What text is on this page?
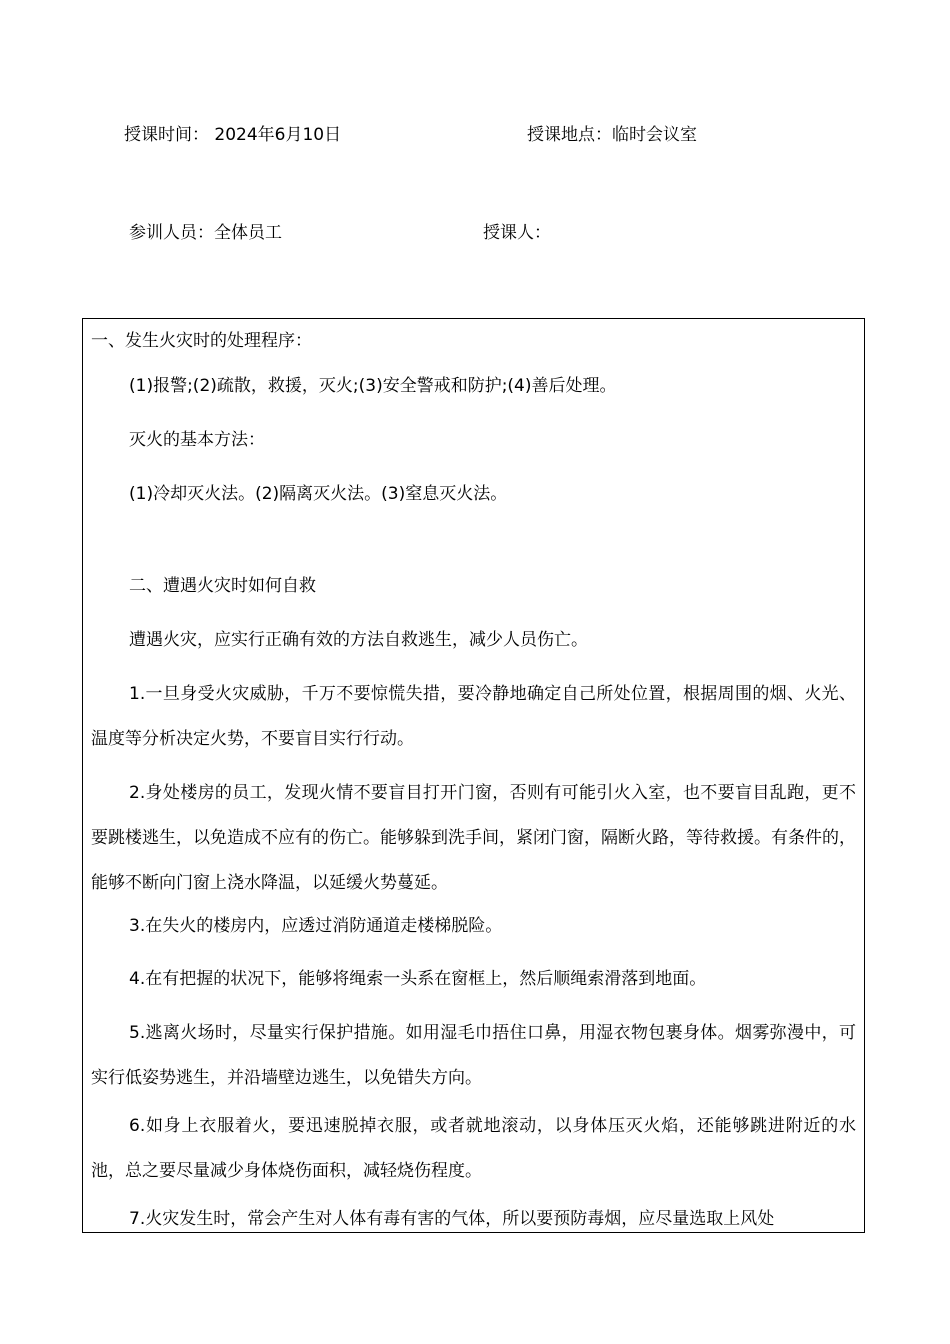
授课时间： 2024年6月10日	授课地点：临时会议室
参训人员：全体员工	授课人：
一、发生火灾时的处理程序：
(1)报警;(2)疏散，救援，灭火;(3)安全警戒和防护;(4)善后处理。
灭火的基本方法：
(1)冷却灭火法。(2)隔离灭火法。(3)窒息灭火法。
二、遭遇火灾时如何自救
遭遇火灾，应实行正确有效的方法自救逃生，减少人员伤亡。
1.一旦身受火灾威胁，千万不要惊慌失措，要冷静地确定自己所处位置，根据周围的烟、火光、温度等分析决定火势，不要盲目实行行动。
2.身处楼房的员工，发现火情不要盲目打开门窗，否则有可能引火入室，也不要盲目乱跑，更不要跳楼逃生，以免造成不应有的伤亡。能够躲到洗手间，紧闭门窗，隔断火路，等待救援。有条件的，能够不断向门窗上浇水降温，以延缓火势蔓延。
3.在失火的楼房内，应透过消防通道走楼梯脱险。
4.在有把握的状况下，能够将绳索一头系在窗框上，然后顺绳索滑落到地面。
5.逃离火场时，尽量实行保护措施。如用湿毛巾捂住口鼻，用湿衣物包裹身体。烟雾弥漫中，可实行低姿势逃生，并沿墙壁边逃生，以免错失方向。
6.如身上衣服着火，要迅速脱掉衣服，或者就地滚动，以身体压灭火焰，还能够跳进附近的水池，总之要尽量减少身体烧伤面积，减轻烧伤程度。
7.火灾发生时，常会产生对人体有毒有害的气体，所以要预防毒烟，应尽量选取上风处
